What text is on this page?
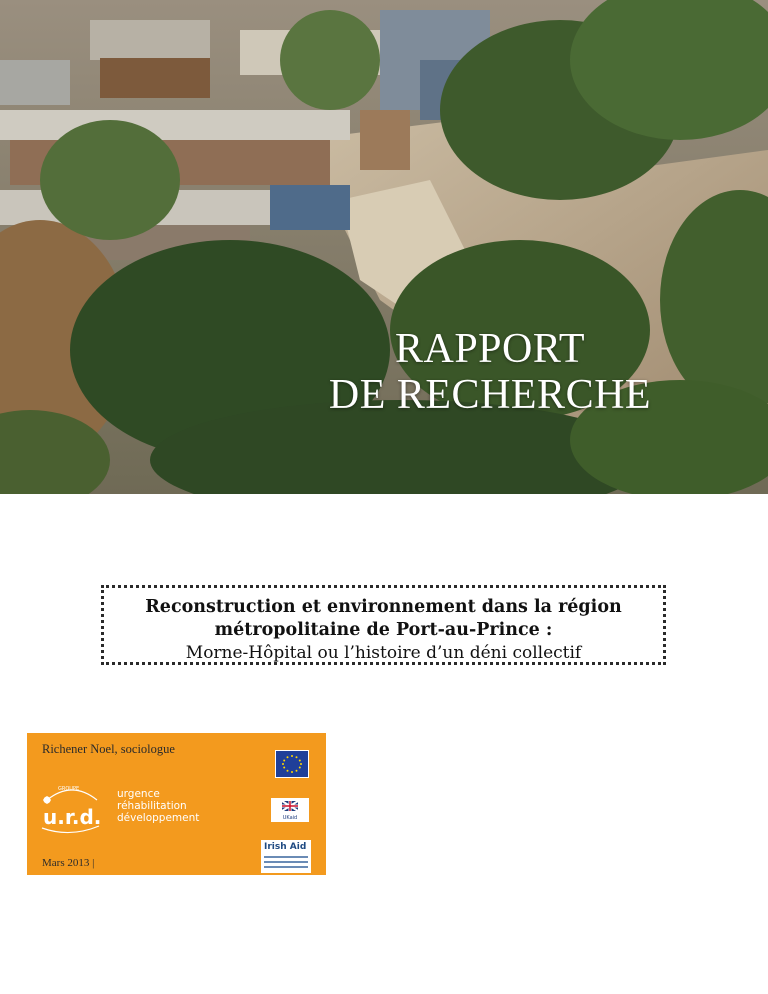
RAPPORT
DE RECHERCHE
Reconstruction et environnement dans la région
métropolitaine de Port-au-Prince :
Morne-Hôpital ou l’histoire d’un déni collectif
Richener Noel, sociologue
GROUPE
u.r.d.
urgence
réhabilitation
développement
Mars 2013 |
UKaid
Irish Aid
